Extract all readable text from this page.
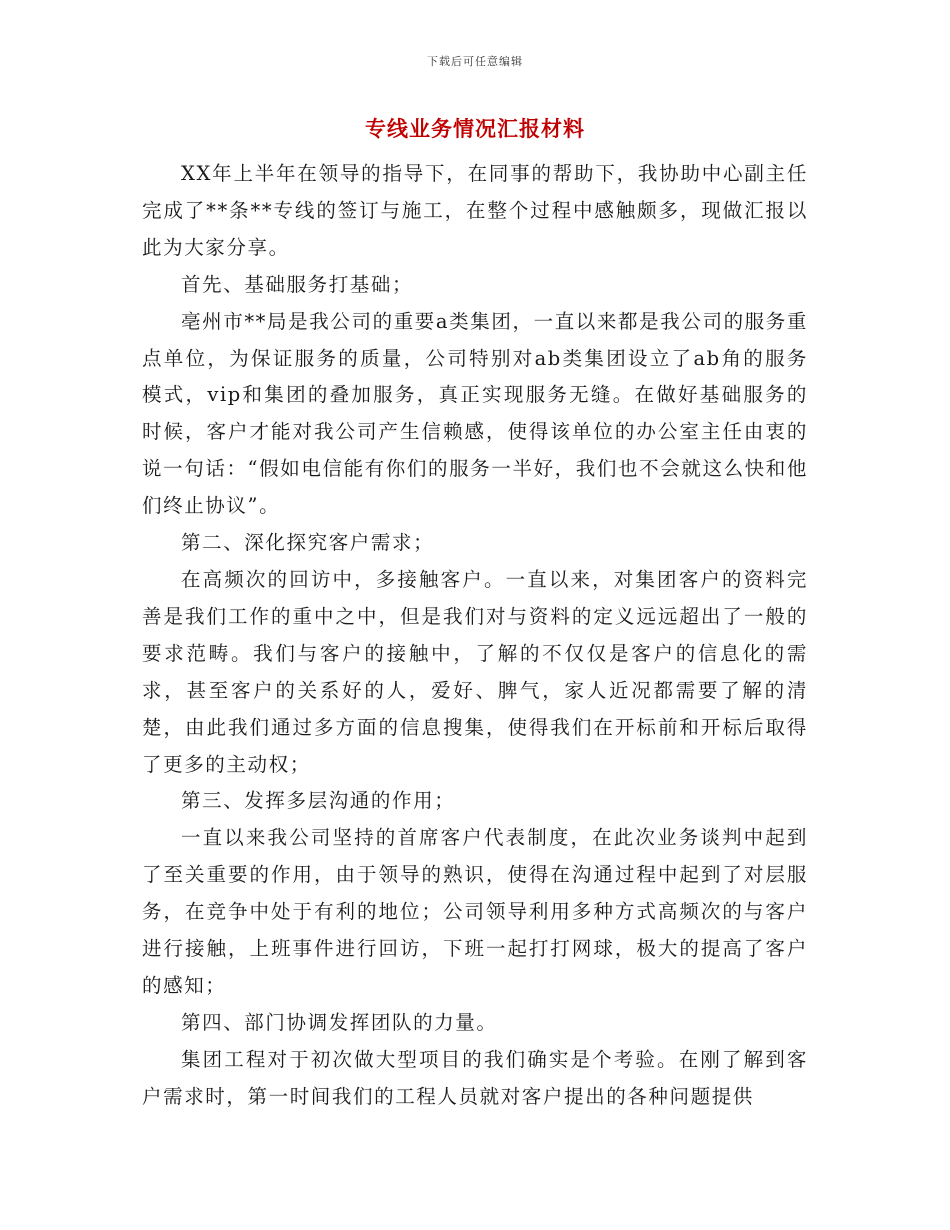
下载后可任意编辑
专线业务情况汇报材料

XX年上半年在领导的指导下，在同事的帮助下，我协助中心副主任完成了**条**专线的签订与施工，在整个过程中感触颇多，现做汇报以此为大家分享。

首先、基础服务打基础；

亳州市**局是我公司的重要a类集团，一直以来都是我公司的服务重点单位，为保证服务的质量，公司特别对ab类集团设立了ab角的服务模式，vip和集团的叠加服务，真正实现服务无缝。在做好基础服务的时候，客户才能对我公司产生信赖感，使得该单位的办公室主任由衷的说一句话：“假如电信能有你们的服务一半好，我们也不会就这么快和他们终止协议”。

第二、深化探究客户需求；

在高频次的回访中，多接触客户。一直以来，对集团客户的资料完善是我们工作的重中之中，但是我们对与资料的定义远远超出了一般的要求范畴。我们与客户的接触中，了解的不仅仅是客户的信息化的需求，甚至客户的关系好的人，爱好、脾气，家人近况都需要了解的清楚，由此我们通过多方面的信息搜集，使得我们在开标前和开标后取得了更多的主动权；

第三、发挥多层沟通的作用；

一直以来我公司坚持的首席客户代表制度，在此次业务谈判中起到了至关重要的作用，由于领导的熟识，使得在沟通过程中起到了对层服务，在竞争中处于有利的地位；公司领导利用多种方式高频次的与客户进行接触，上班事件进行回访，下班一起打打网球，极大的提高了客户的感知；

第四、部门协调发挥团队的力量。

集团工程对于初次做大型项目的我们确实是个考验。在刚了解到客户需求时，第一时间我们的工程人员就对客户提出的各种问题提供
